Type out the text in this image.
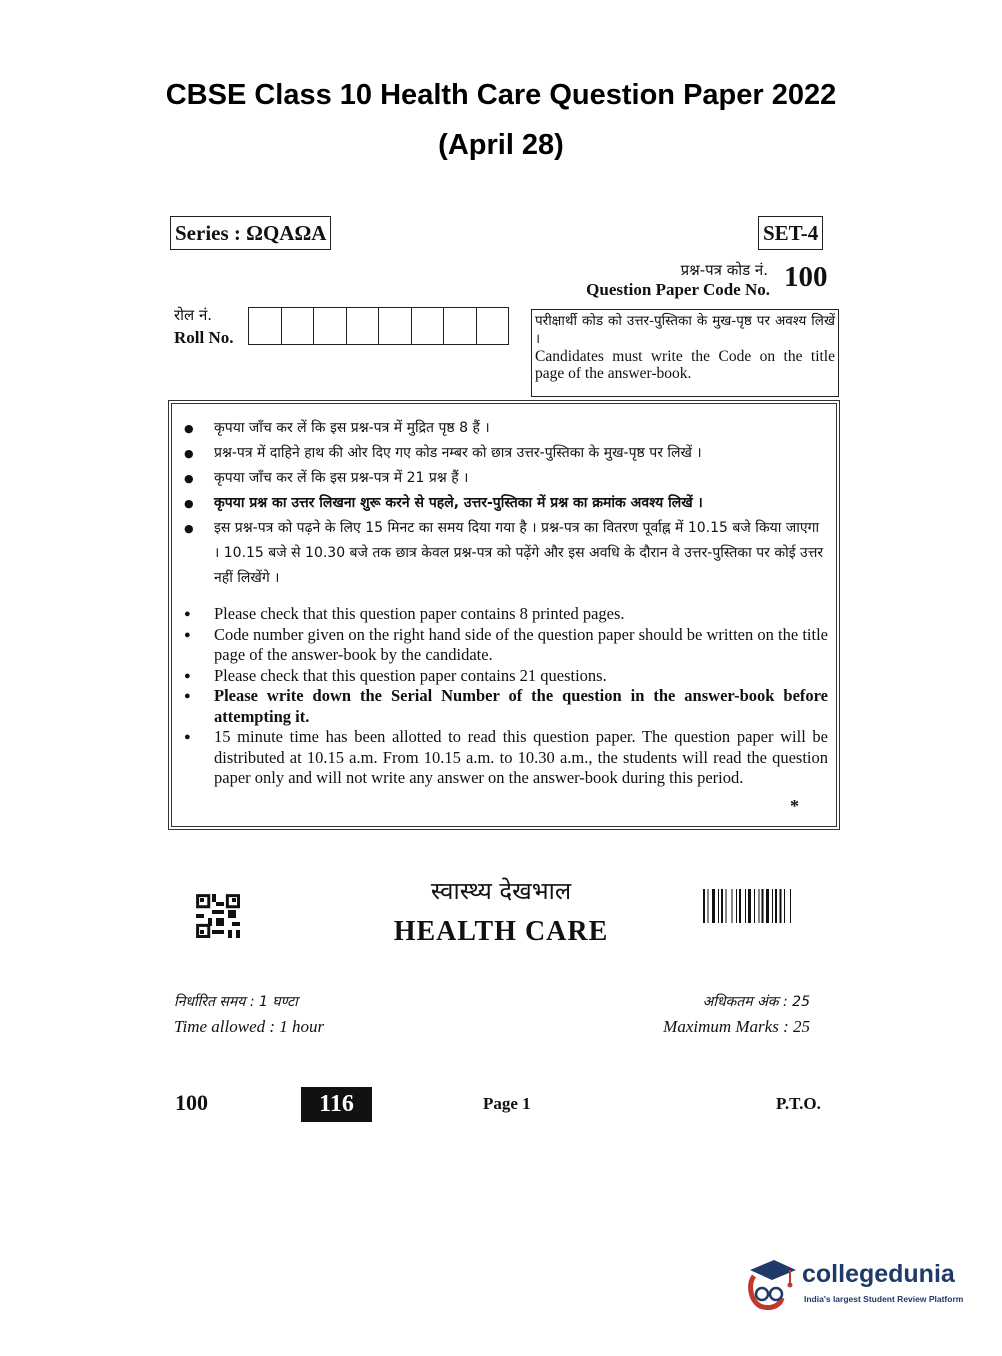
CBSE Class 10 Health Care Question Paper 2022
(April 28)
Series : ΩQAΩA	SET-4
प्रश्न-पत्र कोड नं.
Question Paper Code No. 100
रोल नं.
Roll No.
परीक्षार्थी कोड को उत्तर-पुस्तिका के मुख-पृष्ठ पर अवश्य लिखें ।
Candidates must write the Code on the title page of the answer-book.
● कृपया जाँच कर लें कि इस प्रश्न-पत्र में मुद्रित पृष्ठ 8 हैं ।
● प्रश्न-पत्र में दाहिने हाथ की ओर दिए गए कोड नम्बर को छात्र उत्तर-पुस्तिका के मुख-पृष्ठ पर लिखें ।
● कृपया जाँच कर लें कि इस प्रश्न-पत्र में 21 प्रश्न हैं ।
● कृपया प्रश्न का उत्तर लिखना शुरू करने से पहले, उत्तर-पुस्तिका में प्रश्न का क्रमांक अवश्य लिखें ।
● इस प्रश्न-पत्र को पढ़ने के लिए 15 मिनट का समय दिया गया है । प्रश्न-पत्र का वितरण पूर्वाह्न में 10.15 बजे किया जाएगा । 10.15 बजे से 10.30 बजे तक छात्र केवल प्रश्न-पत्र को पढ़ेंगे और इस अवधि के दौरान वे उत्तर-पुस्तिका पर कोई उत्तर नहीं लिखेंगे ।
● Please check that this question paper contains 8 printed pages.
● Code number given on the right hand side of the question paper should be written on the title page of the answer-book by the candidate.
● Please check that this question paper contains 21 questions.
● Please write down the Serial Number of the question in the answer-book before attempting it.
● 15 minute time has been allotted to read this question paper. The question paper will be distributed at 10.15 a.m. From 10.15 a.m. to 10.30 a.m., the students will read the question paper only and will not write any answer on the answer-book during this period.
*
स्वास्थ्य देखभाल
HEALTH CARE
निर्धारित समय : 1 घण्टा
Time allowed : 1 hour
अधिकतम अंक : 25
Maximum Marks : 25
100	116	Page 1	P.T.O.
collegedunia
India's largest Student Review Platform
